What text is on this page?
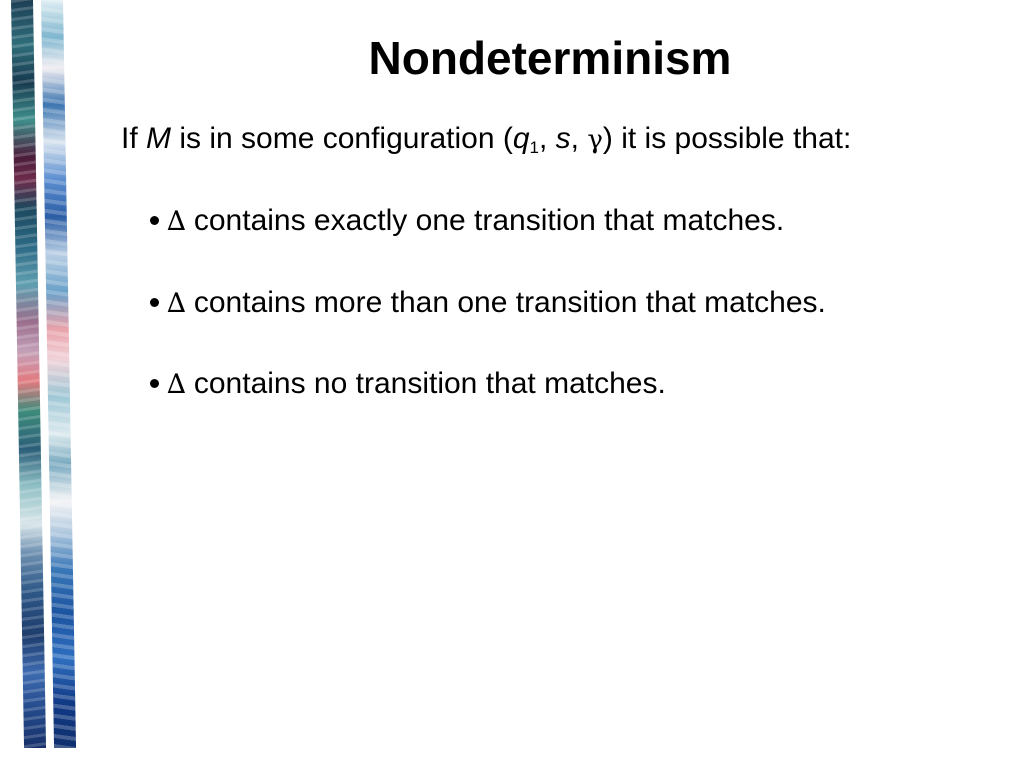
Nondeterminism
If M is in some configuration ($q_1$, s, γ) it is possible that:
∆ contains exactly one transition that matches.
∆ contains more than one transition that matches.
∆ contains no transition that matches.
